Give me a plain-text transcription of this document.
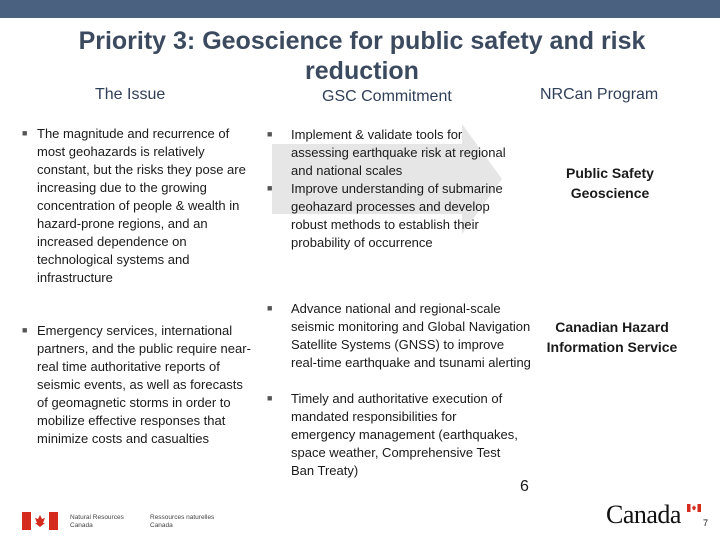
Priority 3: Geoscience for public safety and risk reduction
The Issue	GSC Commitment	NRCan Program
■ The magnitude and recurrence of most geohazards is relatively constant, but the risks they pose are increasing due to the growing concentration of people & wealth in hazard-prone regions, and an increased dependence on technological systems and infrastructure
■ Emergency services, international partners, and the public require near-real time authoritative reports of seismic events, as well as forecasts of geomagnetic storms in order to mobilize effective responses that minimize costs and casualties
■ Implement & validate tools for assessing earthquake risk at regional and national scales
■ Improve understanding of submarine geohazard processes and develop robust methods to establish their probability of occurrence
■ Advance national and regional-scale seismic monitoring and Global Navigation Satellite Systems (GNSS) to improve real-time earthquake and tsunami alerting
■ Timely and authoritative execution of mandated responsibilities for emergency management (earthquakes, space weather, Comprehensive Test Ban Treaty)
Public Safety Geoscience
Canadian Hazard Information Service
Natural Resources Canada
Ressources naturelles Canada
6
Canada 7
